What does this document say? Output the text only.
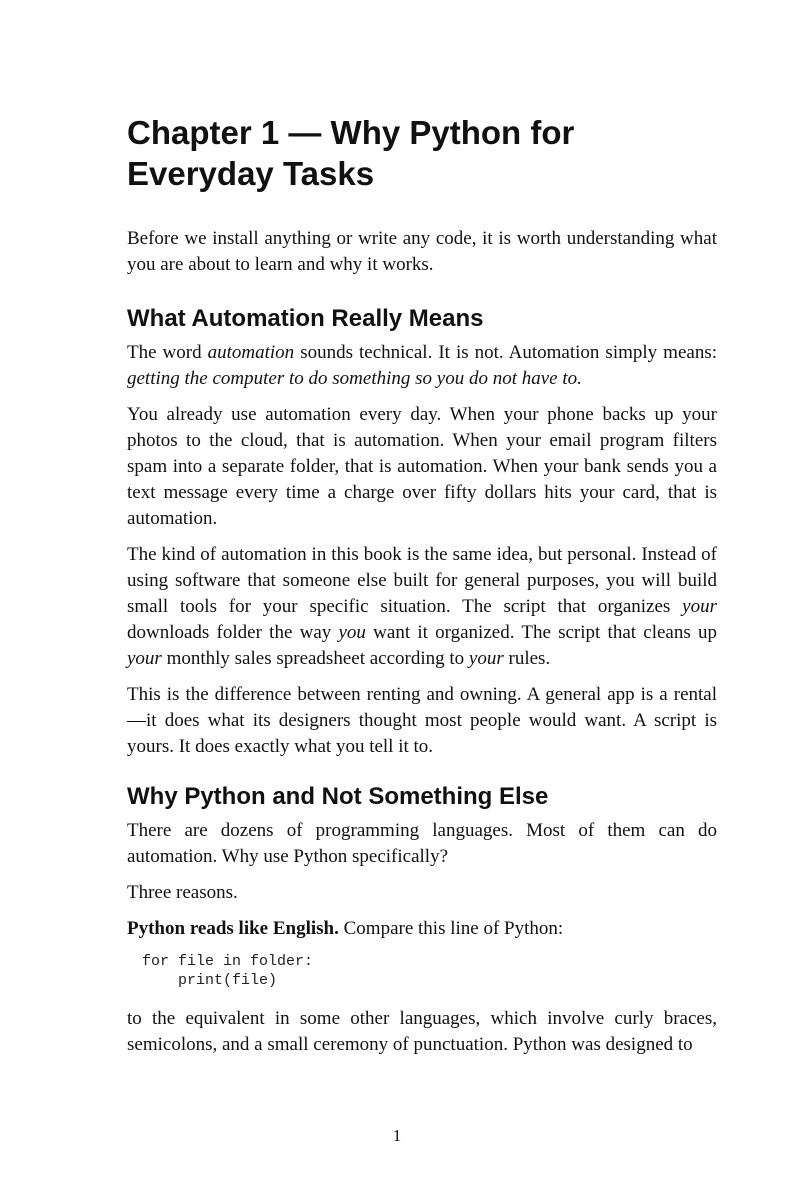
Chapter 1 — Why Python for Everyday Tasks

Before we install anything or write any code, it is worth understanding what you are about to learn and why it works.

What Automation Really Means

The word automation sounds technical. It is not. Automation simply means: getting the computer to do something so you do not have to.

You already use automation every day. When your phone backs up your photos to the cloud, that is automation. When your email program filters spam into a separate folder, that is automation. When your bank sends you a text message every time a charge over fifty dollars hits your card, that is automation.

The kind of automation in this book is the same idea, but personal. Instead of using software that someone else built for general purposes, you will build small tools for your specific situation. The script that organizes your downloads folder the way you want it organized. The script that cleans up your monthly sales spreadsheet according to your rules.

This is the difference between renting and owning. A general app is a rental—it does what its designers thought most people would want. A script is yours. It does exactly what you tell it to.

Why Python and Not Something Else

There are dozens of programming languages. Most of them can do automation. Why use Python specifically?

Three reasons.

Python reads like English. Compare this line of Python:

for file in folder:
print(file)

to the equivalent in some other languages, which involve curly braces, semicolons, and a small ceremony of punctuation. Python was designed to

1
